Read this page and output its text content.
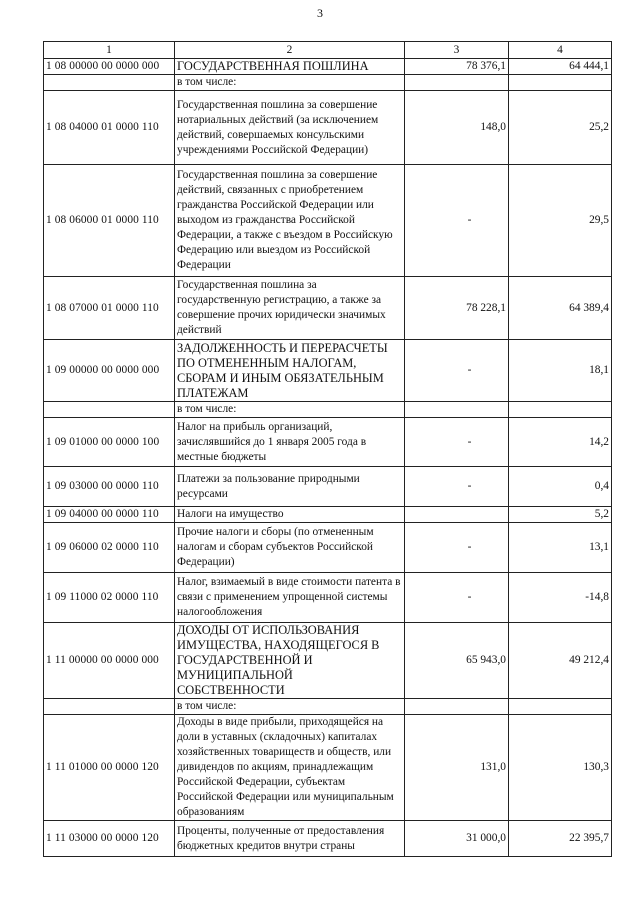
3
1	2	3	4
1 08 00000 00 0000 000	ГОСУДАРСТВЕННАЯ ПОШЛИНА	78 376,1	64 444,1
	в том числе:		
1 08 04000 01 0000 110	Государственная пошлина за совершение нотариальных действий (за исключением действий, совершаемых консульскими учреждениями Российской Федерации)	148,0	25,2
1 08 06000 01 0000 110	Государственная пошлина за совершение действий, связанных с приобретением гражданства Российской Федерации или выходом из гражданства Российской Федерации, а также с въездом в Российскую Федерацию или выездом из Российской Федерации	-	29,5
1 08 07000 01 0000 110	Государственная пошлина за государственную регистрацию, а также за совершение прочих юридически значимых действий	78 228,1	64 389,4
1 09 00000 00 0000 000	ЗАДОЛЖЕННОСТЬ И ПЕРЕРАСЧЕТЫ ПО ОТМЕНЕННЫМ НАЛОГАМ, СБОРАМ И ИНЫМ ОБЯЗАТЕЛЬНЫМ ПЛАТЕЖАМ	-	18,1
	в том числе:		
1 09 01000 00 0000 100	Налог на прибыль организаций, зачислявшийся до 1 января 2005 года в местные бюджеты	-	14,2
1 09 03000 00 0000 110	Платежи за пользование природными ресурсами	-	0,4
1 09 04000 00 0000 110	Налоги на имущество		5,2
1 09 06000 02 0000 110	Прочие налоги и сборы (по отмененным налогам и сборам субъектов Российской Федерации)	-	13,1
1 09 11000 02 0000 110	Налог, взимаемый в виде стоимости патента в связи с применением упрощенной системы налогообложения	-	-14,8
1 11 00000 00 0000 000	ДОХОДЫ ОТ ИСПОЛЬЗОВАНИЯ ИМУЩЕСТВА, НАХОДЯЩЕГОСЯ В ГОСУДАРСТВЕННОЙ И МУНИЦИПАЛЬНОЙ СОБСТВЕННОСТИ	65 943,0	49 212,4
	в том числе:		
1 11 01000 00 0000 120	Доходы в виде прибыли, приходящейся на доли в уставных (складочных) капиталах хозяйственных товариществ и обществ, или дивидендов по акциям, принадлежащим Российской Федерации, субъектам Российской Федерации или муниципальным образованиям	131,0	130,3
1 11 03000 00 0000 120	Проценты, полученные от предоставления бюджетных кредитов внутри страны	31 000,0	22 395,7
